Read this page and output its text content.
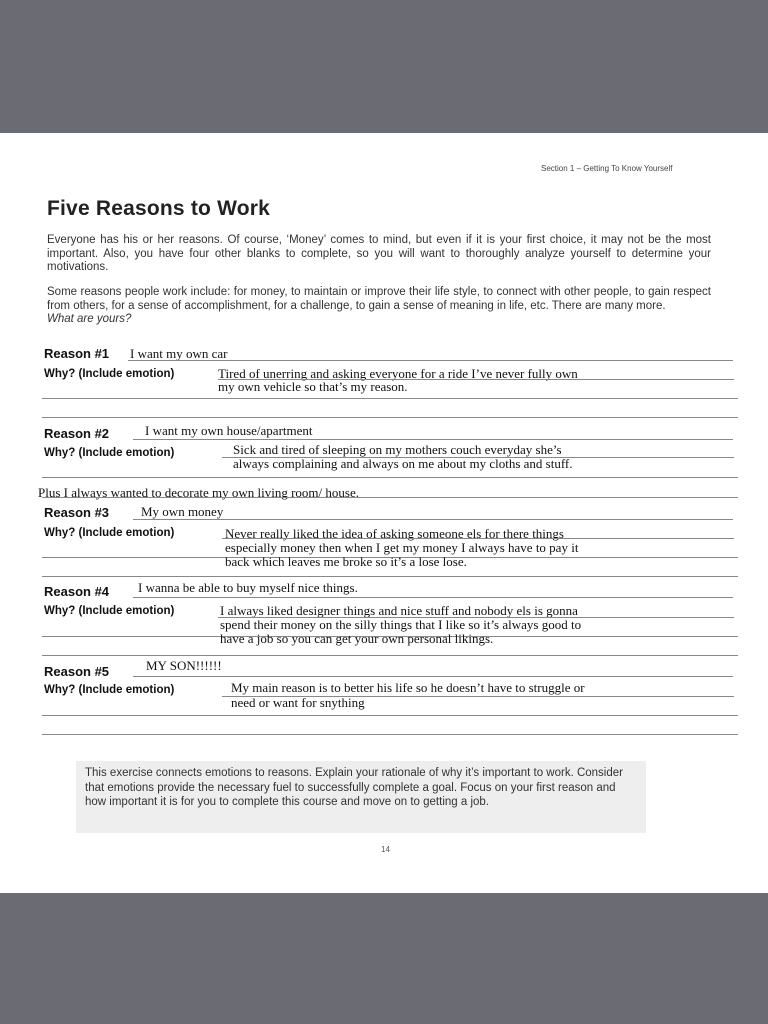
Section 1 – Getting To Know Yourself
Five Reasons to Work

Everyone has his or her reasons. Of course, ‘Money’ comes to mind, but even if it is your first choice, it may not be the most important. Also, you have four other blanks to complete, so you will want to thoroughly analyze yourself to determine your motivations.

Some reasons people work include: for money, to maintain or improve their life style, to connect with other people, to gain respect from others, for a sense of accomplishment, for a challenge, to gain a sense of meaning in life, etc. There are many more.
What are yours?

Reason #1 I want my own car
Why? (Include emotion)	Tired of unerring and asking everyone for a ride I’ve never fully own
my own vehicle so that’s my reason.
Reason #2	I want my own house/apartment
Why? (Include emotion)	Sick and tired of sleeping on my mothers couch everyday she’s
always complaining and always on me about my cloths and stuff.
Plus I always wanted to decorate my own living room/ house.
Reason #3 My own money
Why? (Include emotion)	Never really liked the idea of asking someone els for there things
especially money then when I get my money I always have to pay it
back which leaves me broke so it’s a lose lose.
Reason #4 I wanna be able to buy myself nice things.
Why? (Include emotion)	I always liked designer things and nice stuff and nobody els is gonna
spend their money on the silly things that I like so it’s always good to
have a job so you can get your own personal likings.
Reason #5	MY SON!!!!!!
Why? (Include emotion)	My main reason is to better his life so he doesn’t have to struggle or
need or want for snything

This exercise connects emotions to reasons. Explain your rationale of why it’s important to work. Consider that emotions provide the necessary fuel to successfully complete a goal. Focus on your first reason and how important it is for you to complete this course and move on to getting a job.

14
